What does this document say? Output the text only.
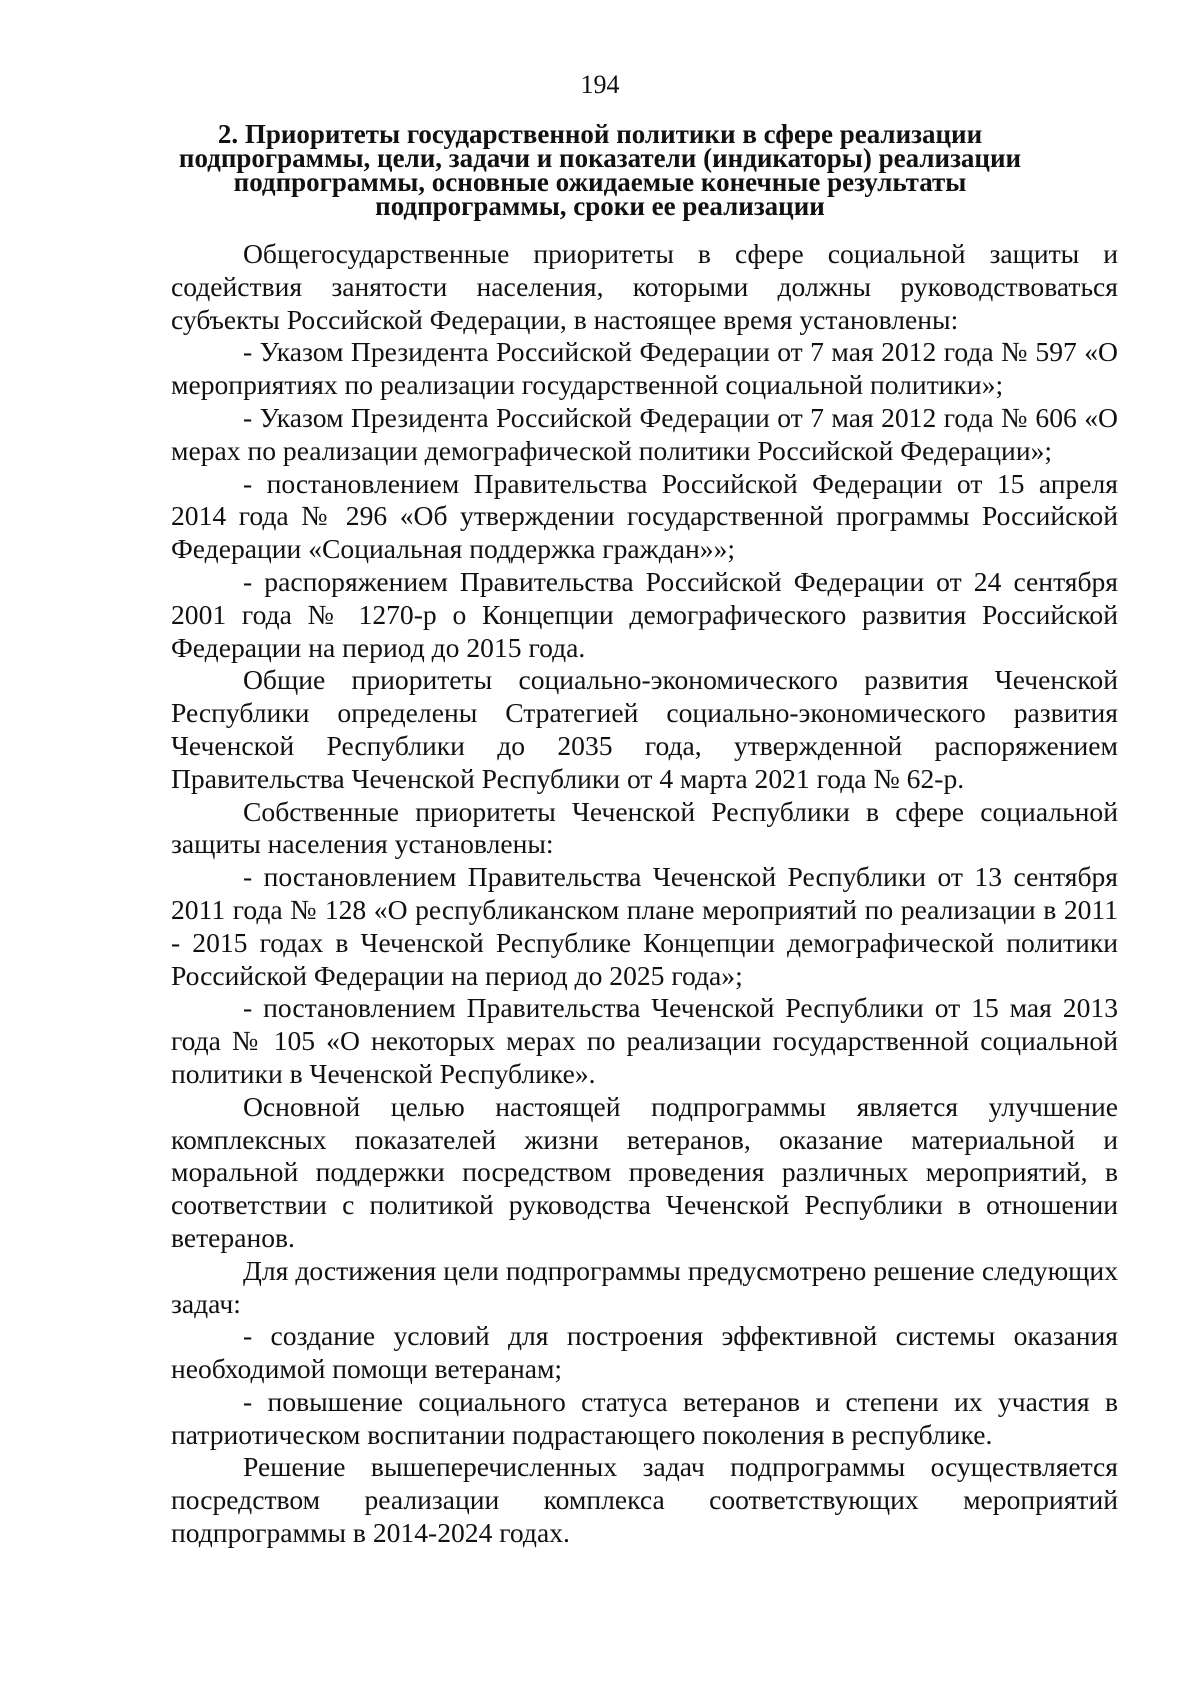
194
2. Приоритеты государственной политики в сфере реализации
подпрограммы, цели, задачи и показатели (индикаторы) реализации
подпрограммы, основные ожидаемые конечные результаты
подпрограммы, сроки ее реализации

Общегосударственные приоритеты в сфере социальной защиты и содействия занятости населения, которыми должны руководствоваться субъекты Российской Федерации, в настоящее время установлены:

- Указом Президента Российской Федерации от 7 мая 2012 года № 597 «О мероприятиях по реализации государственной социальной политики»;

- Указом Президента Российской Федерации от 7 мая 2012 года № 606 «О мерах по реализации демографической политики Российской Федерации»;

- постановлением Правительства Российской Федерации от 15 апреля 2014 года № 296 «Об утверждении государственной программы Российской Федерации «Социальная поддержка граждан»»;

- распоряжением Правительства Российской Федерации от 24 сентября 2001 года № 1270-р о Концепции демографического развития Российской Федерации на период до 2015 года.

Общие приоритеты социально-экономического развития Чеченской Республики определены Стратегией социально-экономического развития Чеченской Республики до 2035 года, утвержденной распоряжением Правительства Чеченской Республики от 4 марта 2021 года № 62-р.

Собственные приоритеты Чеченской Республики в сфере социальной защиты населения установлены:

- постановлением Правительства Чеченской Республики от 13 сентября 2011 года № 128 «О республиканском плане мероприятий по реализации в 2011 - 2015 годах в Чеченской Республике Концепции демографической политики Российской Федерации на период до 2025 года»;

- постановлением Правительства Чеченской Республики от 15 мая 2013 года № 105 «О некоторых мерах по реализации государственной социальной политики в Чеченской Республике».

Основной целью настоящей подпрограммы является улучшение комплексных показателей жизни ветеранов, оказание материальной и моральной поддержки посредством проведения различных мероприятий, в соответствии с политикой руководства Чеченской Республики в отношении ветеранов.

Для достижения цели подпрограммы предусмотрено решение следующих задач:

- создание условий для построения эффективной системы оказания необходимой помощи ветеранам;

- повышение социального статуса ветеранов и степени их участия в патриотическом воспитании подрастающего поколения в республике.

Решение вышеперечисленных задач подпрограммы осуществляется посредством реализации комплекса соответствующих мероприятий подпрограммы в 2014-2024 годах.
